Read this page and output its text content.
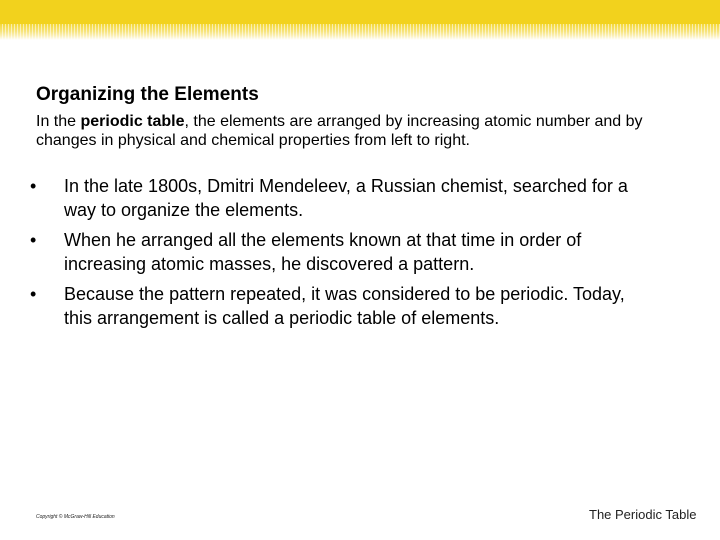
Organizing the Elements
In the periodic table, the elements are arranged by increasing atomic number and by changes in physical and chemical properties from left to right.
•	In the late 1800s, Dmitri Mendeleev, a Russian chemist, searched for a way to organize the elements.
•	When he arranged all the elements known at that time in order of increasing atomic masses, he discovered a pattern.
•	Because the pattern repeated, it was considered to be periodic. Today, this arrangement is called a periodic table of elements.
Copyright © McGraw-Hill Education	The Periodic Table
